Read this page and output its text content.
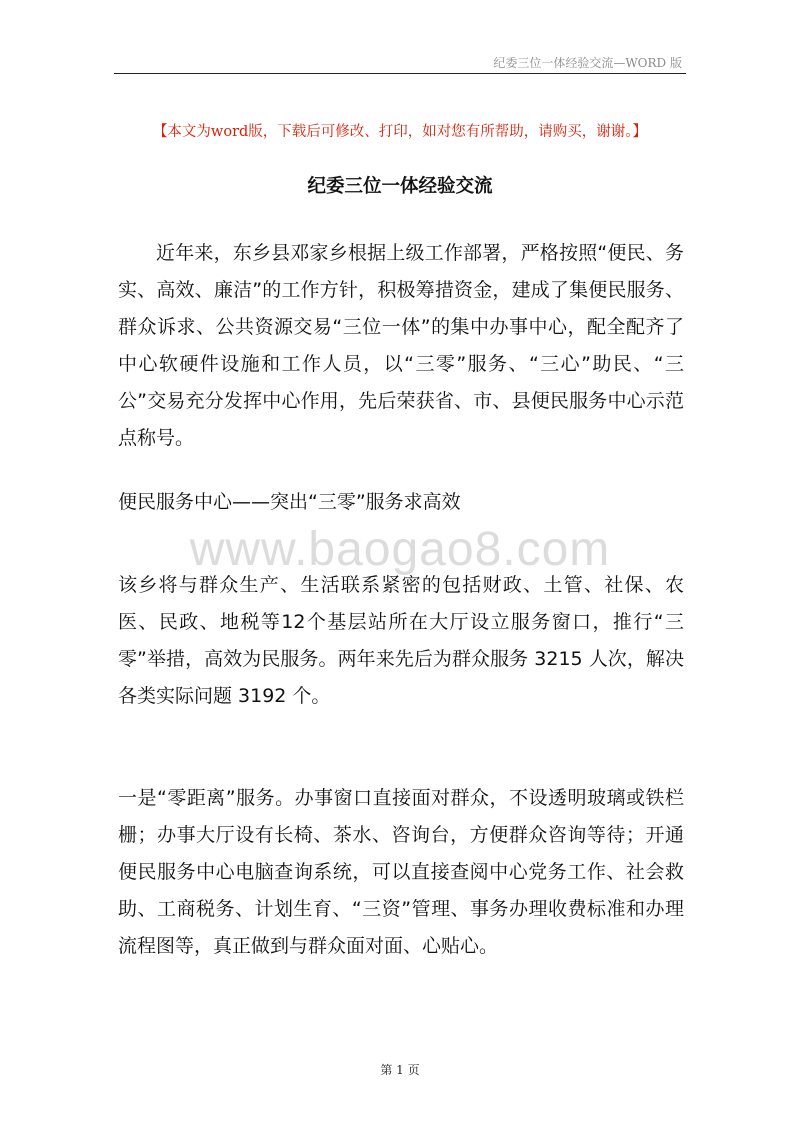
纪委三位一体经验交流—WORD 版
【本文为word版，下载后可修改、打印，如对您有所帮助，请购买，谢谢。】
纪委三位一体经验交流

近年来，东乡县邓家乡根据上级工作部署，严格按照“便民、务实、高效、廉洁”的工作方针，积极筹措资金，建成了集便民服务、群众诉求、公共资源交易“三位一体”的集中办事中心，配全配齐了中心软硬件设施和工作人员，以“三零”服务、“三心”助民、“三公”交易充分发挥中心作用，先后荣获省、市、县便民服务中心示范点称号。

便民服务中心——突出“三零”服务求高效

www.baogao8.com

该乡将与群众生产、生活联系紧密的包括财政、土管、社保、农医、民政、地税等12个基层站所在大厅设立服务窗口，推行“三零”举措，高效为民服务。两年来先后为群众服务 3215 人次，解决各类实际问题 3192 个。

一是“零距离”服务。办事窗口直接面对群众，不设透明玻璃或铁栏栅；办事大厅设有长椅、茶水、咨询台，方便群众咨询等待；开通便民服务中心电脑查询系统，可以直接查阅中心党务工作、社会救助、工商税务、计划生育、“三资”管理、事务办理收费标准和办理流程图等，真正做到与群众面对面、心贴心。

第 1 页
